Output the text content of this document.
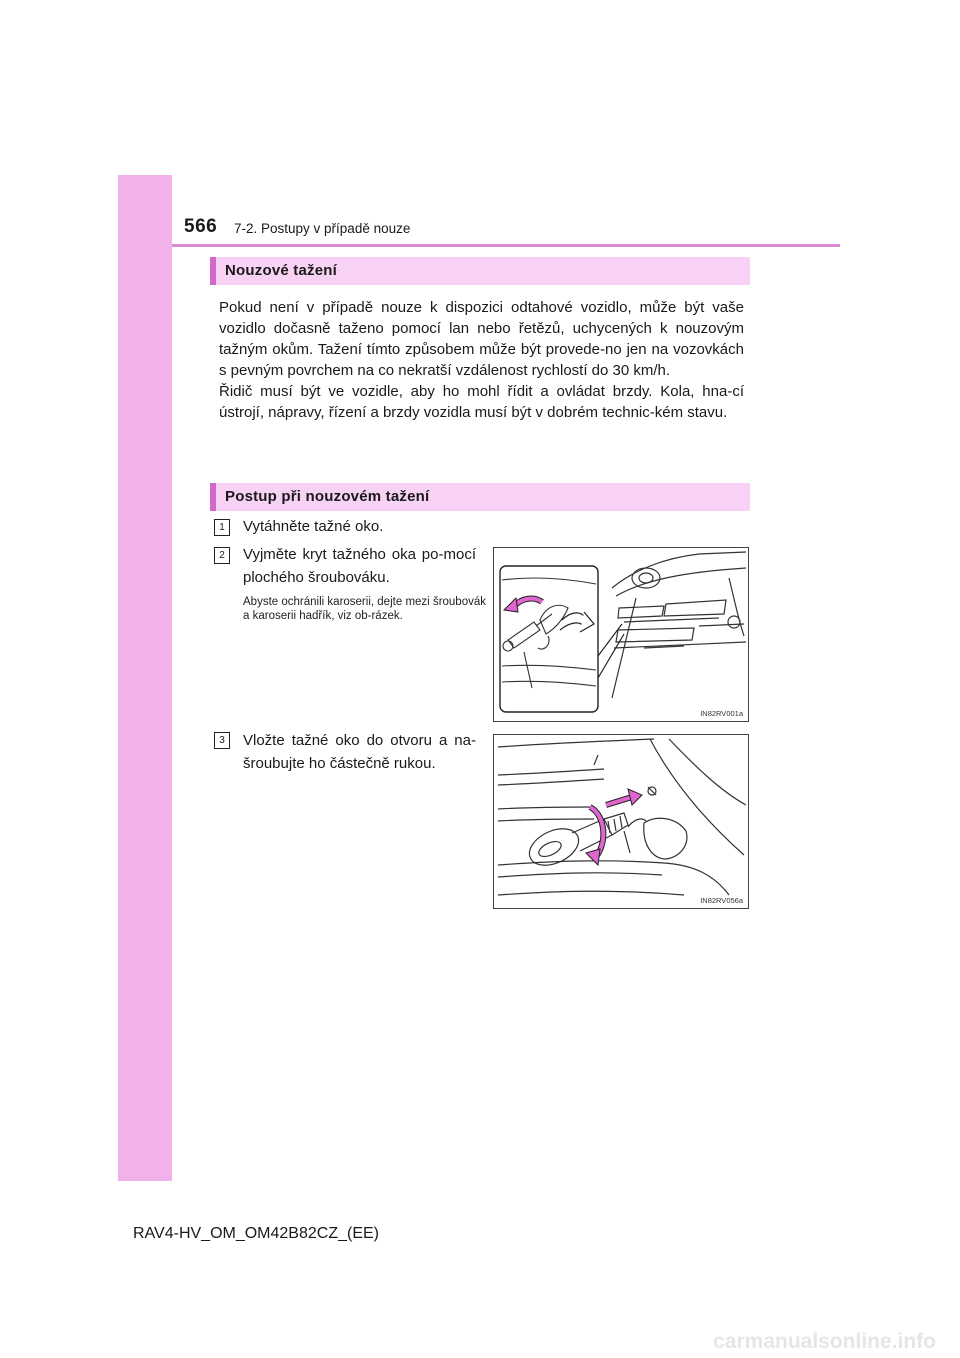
566 7-2. Postupy v případě nouze
Nouzové tažení

Pokud není v případě nouze k dispozici odtahové vozidlo, může být vaše vozidlo dočasně taženo pomocí lan nebo řetězů, uchycených k nouzovým tažným okům. Tažení tímto způsobem může být provede-no jen na vozovkách s pevným povrchem na co nekratší vzdálenost rychlostí do 30 km/h.

Řidič musí být ve vozidle, aby ho mohl řídit a ovládat brzdy. Kola, hna-cí ústrojí, nápravy, řízení a brzdy vozidla musí být v dobrém technic-kém stavu.

Postup při nouzovém tažení
1	Vytáhněte tažné oko.
2	Vyjměte kryt tažného oka po-mocí plochého šroubováku.
Abyste ochránili karoserii, dejte mezi šroubovák a karoserii hadřík, viz ob-rázek.
3	Vložte tažné oko do otvoru a na-šroubujte ho částečně rukou.
IN82RV001a
IN82RV056a
RAV4-HV_OM_OM42B82CZ_(EE)
carmanualsonline.info
